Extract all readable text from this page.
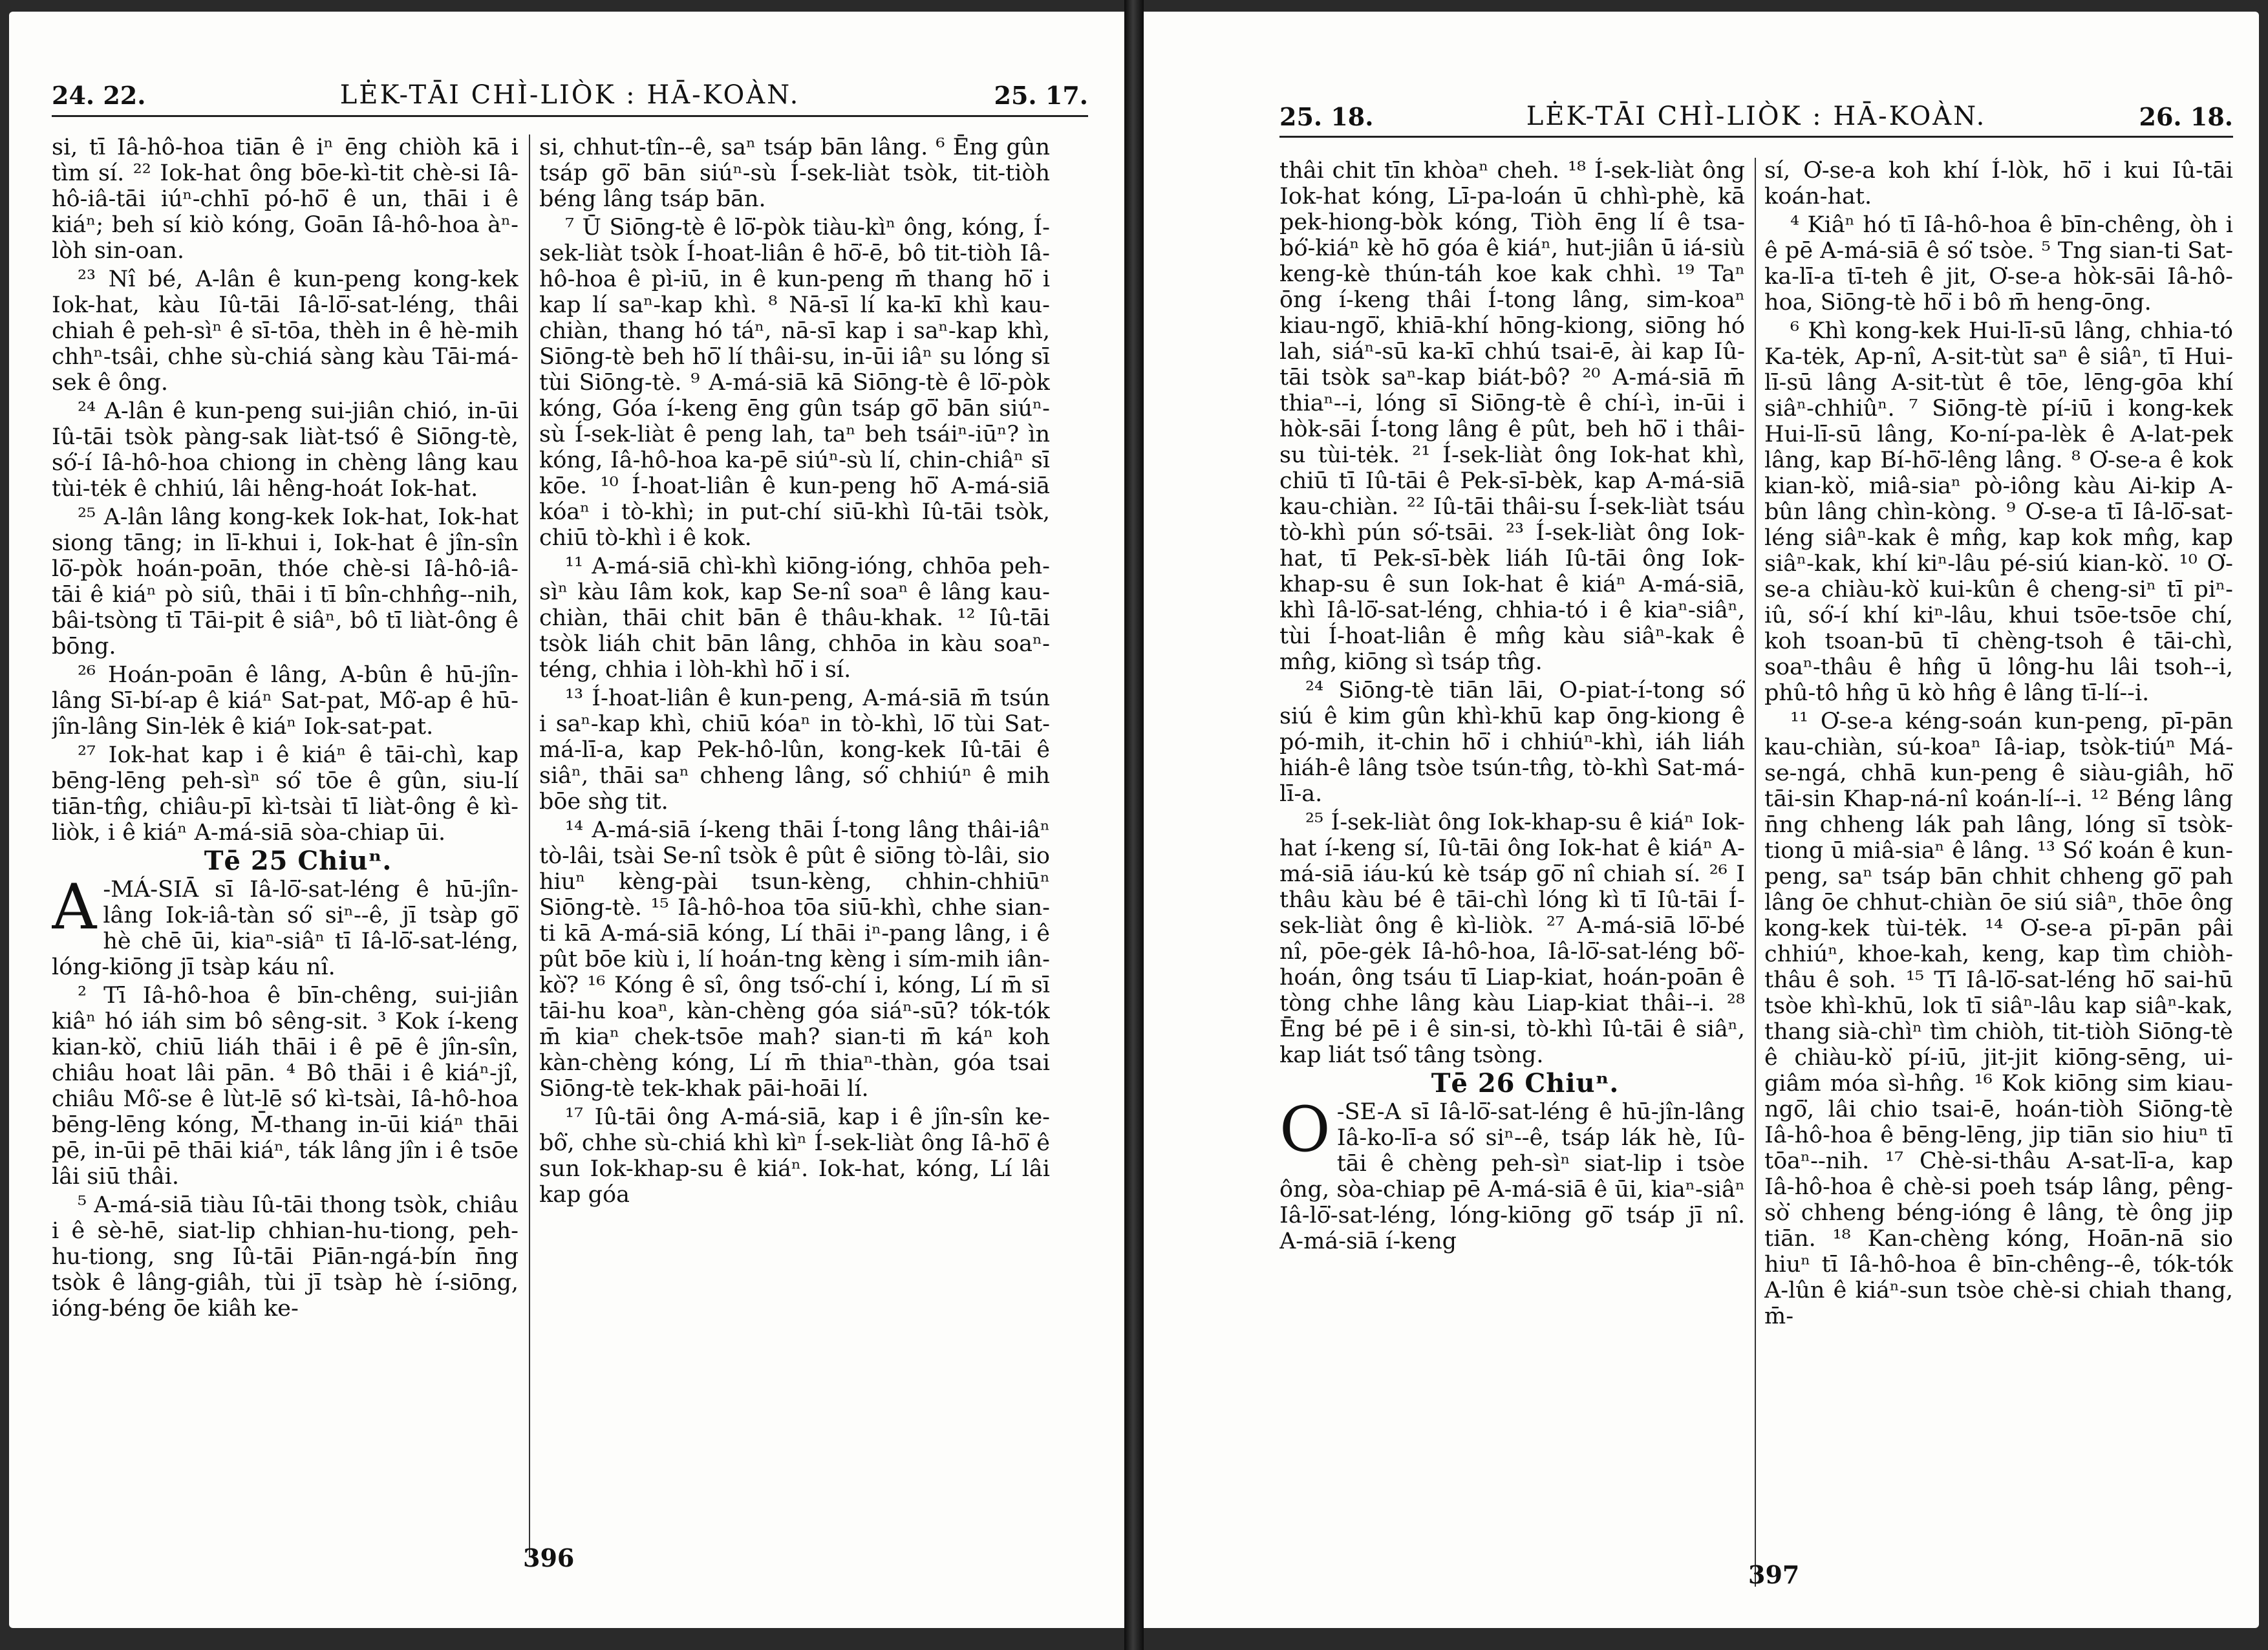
24. 22.	LĖK-TĀI CHÌ-LIÒK : HĀ-KOÀN.	25. 17.

si, tī Iâ-hô-hoa tiān ê iⁿ ēng chiòh kā i tìm sí. ²² Iok-hat ông bōe-kì-tit chè-si Iâ-hô-iâ-tāi iúⁿ-chhī pó-hō͘ ê un, thāi i ê kiáⁿ; beh sí kiò kóng, Goān Iâ-hô-hoa àⁿ-lòh sin-oan.

²³ Nî bé, A-lân ê kun-peng kong-kek Iok-hat, kàu Iû-tāi Iâ-lō͘-sat-léng, thâi chiah ê peh-sìⁿ ê sī-tōa, thèh in ê hè-mih chhⁿ-tsâi, chhe sù-chiá sàng kàu Tāi-má-sek ê ông.

²⁴ A-lân ê kun-peng sui-jiân chió, in-ūi Iû-tāi tsòk pàng-sak liàt-tsó͘ ê Siōng-tè, só͘-í Iâ-hô-hoa chiong in chèng lâng kau tùi-tėk ê chhiú, lâi hêng-hoát Iok-hat.

²⁵ A-lân lâng kong-kek Iok-hat, Iok-hat siong tāng; in lī-khui i, Iok-hat ê jîn-sîn lō͘-pòk hoán-poān, thóe chè-si Iâ-hô-iâ-tāi ê kiáⁿ pò siû, thāi i tī bîn-chhn̂g--nih, bâi-tsòng tī Tāi-pit ê siâⁿ, bô tī liàt-ông ê bōng.

²⁶ Hoán-poān ê lâng, A-bûn ê hū-jîn-lâng Sī-bí-ap ê kiáⁿ Sat-pat, Mô͘-ap ê hū-jîn-lâng Sin-lėk ê kiáⁿ Iok-sat-pat.

²⁷ Iok-hat kap i ê kiáⁿ ê tāi-chì, kap bēng-lēng peh-sìⁿ só͘ tōe ê gûn, siu-lí tiān-tn̂g, chiâu-pī kì-tsài tī liàt-ông ê kì-liòk, i ê kiáⁿ A-má-siā sòa-chiap ūi.

Tē 25 Chiuⁿ.

A -MÁ-SIĀ sī Iâ-lō͘-sat-léng ê hū-jîn-lâng Iok-iâ-tàn só͘ siⁿ--ê, jī tsàp gō͘ hè chē ūi, kiaⁿ-siâⁿ tī Iâ-lō͘-sat-léng, lóng-kiōng jī tsàp káu nî.

² Tī Iâ-hô-hoa ê bīn-chêng, sui-jiân kiâⁿ hó iáh sim bô sêng-sit. ³ Kok í-keng kian-kò͘, chiū liáh thāi i ê pē ê jîn-sîn, chiâu hoat lâi pān. ⁴ Bô thāi i ê kiáⁿ-jî, chiâu Mô͘-se ê lùt-lē só͘ kì-tsài, Iâ-hô-hoa bēng-lēng kóng, M̄-thang in-ūi kiáⁿ thāi pē, in-ūi pē thāi kiáⁿ, ták lâng jîn i ê tsōe lâi siū thâi.

⁵ A-má-siā tiàu Iû-tāi thong tsòk, chiâu i ê sè-hē, siat-lip chhian-hu-tiong, peh-hu-tiong, sng Iû-tāi Piān-ngá-bín n̄ng tsòk ê lâng-giâh, tùi jī tsàp hè í-siōng, ióng-béng ōe kiâh ke-

si, chhut-tîn--ê, saⁿ tsáp bān lâng. ⁶ Ēng gûn tsáp gō͘ bān siúⁿ-sù Í-sek-liàt tsòk, tit-tiòh béng lâng tsáp bān.

⁷ Ū Siōng-tè ê lō͘-pòk tiàu-kìⁿ ông, kóng, Í-sek-liàt tsòk Í-hoat-liân ê hō͘-ē, bô tit-tiòh Iâ-hô-hoa ê pì-iū, in ê kun-peng m̄ thang hō͘ i kap lí saⁿ-kap khì. ⁸ Nā-sī lí ka-kī khì kau-chiàn, thang hó táⁿ, nā-sī kap i saⁿ-kap khì, Siōng-tè beh hō͘ lí thâi-su, in-ūi iâⁿ su lóng sī tùi Siōng-tè. ⁹ A-má-siā kā Siōng-tè ê lō͘-pòk kóng, Góa í-keng ēng gûn tsáp gō͘ bān siúⁿ-sù Í-sek-liàt ê peng lah, taⁿ beh tsáiⁿ-iūⁿ? ìn kóng, Iâ-hô-hoa ka-pē siúⁿ-sù lí, chin-chiâⁿ sī kōe. ¹⁰ Í-hoat-liân ê kun-peng hō͘ A-má-siā kóaⁿ i tò-khì; in put-chí siū-khì Iû-tāi tsòk, chiū tò-khì i ê kok.

¹¹ A-má-siā chì-khì kiōng-ióng, chhōa peh-sìⁿ kàu Iâm kok, kap Se-nî soaⁿ ê lâng kau-chiàn, thāi chit bān ê thâu-khak. ¹² Iû-tāi tsòk liáh chit bān lâng, chhōa in kàu soaⁿ-téng, chhia i lòh-khì hō͘ i sí.

¹³ Í-hoat-liân ê kun-peng, A-má-siā m̄ tsún i saⁿ-kap khì, chiū kóaⁿ in tò-khì, lō͘ tùi Sat-má-lī-a, kap Pek-hô-lûn, kong-kek Iû-tāi ê siâⁿ, thāi saⁿ chheng lâng, só͘ chhiúⁿ ê mih bōe sǹg tit.

¹⁴ A-má-siā í-keng thāi Í-tong lâng thâi-iâⁿ tò-lâi, tsài Se-nî tsòk ê pût ê siōng tò-lâi, sio hiuⁿ kèng-pài tsun-kèng, chhin-chhiūⁿ Siōng-tè. ¹⁵ Iâ-hô-hoa tōa siū-khì, chhe sian-ti kā A-má-siā kóng, Lí thāi iⁿ-pang lâng, i ê pût bōe kiù i, lí hoán-tng kèng i sím-mih iân-kò͘? ¹⁶ Kóng ê sî, ông tsó͘-chí i, kóng, Lí m̄ sī tāi-hu koaⁿ, kàn-chèng góa siáⁿ-sū? tók-tók m̄ kiaⁿ chek-tsōe mah? sian-ti m̄ káⁿ koh kàn-chèng kóng, Lí m̄ thiaⁿ-thàn, góa tsai Siōng-tè tek-khak pāi-hoāi lí.

¹⁷ Iû-tāi ông A-má-siā, kap i ê jîn-sîn ke-bô͘, chhe sù-chiá khì kìⁿ Í-sek-liàt ông Iâ-hō͘ ê sun Iok-khap-su ê kiáⁿ. Iok-hat, kóng, Lí lâi kap góa

396
25. 18.	LĖK-TĀI CHÌ-LIÒK : HĀ-KOÀN.	26. 18.

thâi chit tīn khòaⁿ cheh. ¹⁸ Í-sek-liàt ông Iok-hat kóng, Lī-pa-loán ū chhì-phè, kā pek-hiong-bòk kóng, Tiòh ēng lí ê tsa-bó͘-kiáⁿ kè hō góa ê kiáⁿ, hut-jiân ū iá-siù keng-kè thún-táh koe kak chhì. ¹⁹ Taⁿ ōng í-keng thâi Í-tong lâng, sim-koaⁿ kiau-ngō͘, khiā-khí hōng-kiong, siōng hó lah, siáⁿ-sū ka-kī chhú tsai-ē, ài kap Iû-tāi tsòk saⁿ-kap biát-bô? ²⁰ A-má-siā m̄ thiaⁿ--i, lóng sī Siōng-tè ê chí-ì, in-ūi i hòk-sāi Í-tong lâng ê pût, beh hō͘ i thâi-su tùi-tėk. ²¹ Í-sek-liàt ông Iok-hat khì, chiū tī Iû-tāi ê Pek-sī-bèk, kap A-má-siā kau-chiàn. ²² Iû-tāi thâi-su Í-sek-liàt tsáu tò-khì pún só͘-tsāi. ²³ Í-sek-liàt ông Iok-hat, tī Pek-sī-bèk liáh Iû-tāi ông Iok-khap-su ê sun Iok-hat ê kiáⁿ A-má-siā, khì Iâ-lō͘-sat-léng, chhia-tó i ê kiaⁿ-siâⁿ, tùi Í-hoat-liân ê mn̂g kàu siâⁿ-kak ê mn̂g, kiōng sì tsáp tn̂g.

²⁴ Siōng-tè tiān lāi, O-piat-í-tong só͘ siú ê kim gûn khì-khū kap ōng-kiong ê pó-mih, it-chin hō͘ i chhiúⁿ-khì, iáh liáh hiáh-ê lâng tsòe tsún-tn̂g, tò-khì Sat-má-lī-a.

²⁵ Í-sek-liàt ông Iok-khap-su ê kiáⁿ Iok-hat í-keng sí, Iû-tāi ông Iok-hat ê kiáⁿ A-má-siā iáu-kú kè tsáp gō͘ nî chiah sí. ²⁶ I thâu kàu bé ê tāi-chì lóng kì tī Iû-tāi Í-sek-liàt ông ê kì-liòk. ²⁷ A-má-siā lō͘-bé nî, pōe-gėk Iâ-hô-hoa, Iâ-lō͘-sat-léng bô͘-hoán, ông tsáu tī Liap-kiat, hoán-poān ê tòng chhe lâng kàu Liap-kiat thâi--i. ²⁸ Ēng bé pē i ê sin-si, tò-khì Iû-tāi ê siâⁿ, kap liát tsó͘ tâng tsòng.

Tē 26 Chiuⁿ.

O -SE-A sī Iâ-lō͘-sat-léng ê hū-jîn-lâng Iâ-ko-lī-a só͘ siⁿ--ê, tsáp lák hè, Iû-tāi ê chèng peh-sìⁿ siat-lip i tsòe ông, sòa-chiap pē A-má-siā ê ūi, kiaⁿ-siâⁿ Iâ-lō͘-sat-léng, lóng-kiōng gō͘ tsáp jī nî. A-má-siā í-keng

sí, O͘-se-a koh khí Í-lòk, hō͘ i kui Iû-tāi koán-hat.

⁴ Kiâⁿ hó tī Iâ-hô-hoa ê bīn-chêng, òh i ê pē A-má-siā ê só͘ tsòe. ⁵ Tng sian-ti Sat-ka-lī-a tī-teh ê jit, O͘-se-a hòk-sāi Iâ-hô-hoa, Siōng-tè hō͘ i bô m̄ heng-ōng.

⁶ Khì kong-kek Hui-lī-sū lâng, chhia-tó Ka-tėk, Ap-nî, A-sit-tùt saⁿ ê siâⁿ, tī Hui-lī-sū lâng A-sit-tùt ê tōe, lēng-gōa khí siâⁿ-chhiûⁿ. ⁷ Siōng-tè pí-iū i kong-kek Hui-lī-sū lâng, Ko-ní-pa-lèk ê A-lat-pek lâng, kap Bí-hō͘-lêng lâng. ⁸ O͘-se-a ê kok kian-kò͘, miâ-siaⁿ pò-iông kàu Ai-kip A-bûn lâng chìn-kòng. ⁹ O͘-se-a tī Iâ-lō͘-sat-léng siâⁿ-kak ê mn̂g, kap kok mn̂g, kap siâⁿ-kak, khí kiⁿ-lâu pé-siú kian-kò͘. ¹⁰ O͘-se-a chiàu-kò͘ kui-kûn ê cheng-siⁿ tī piⁿ-iû, só͘-í khí kiⁿ-lâu, khui tsōe-tsōe chí, koh tsoan-bū tī chèng-tsoh ê tāi-chì, soaⁿ-thâu ê hn̂g ū lông-hu lâi tsoh--i, phû-tô hn̂g ū kò hn̂g ê lâng tī-lí--i.

¹¹ O͘-se-a kéng-soán kun-peng, pī-pān kau-chiàn, sú-koaⁿ Iâ-iap, tsòk-tiúⁿ Má-se-ngá, chhā kun-peng ê siàu-giâh, hō͘ tāi-sin Khap-ná-nî koán-lí--i. ¹² Béng lâng n̄ng chheng lák pah lâng, lóng sī tsòk-tiong ū miâ-siaⁿ ê lâng. ¹³ Só͘ koán ê kun-peng, saⁿ tsáp bān chhit chheng gō͘ pah lâng ōe chhut-chiàn ōe siú siâⁿ, thōe ông kong-kek tùi-tėk. ¹⁴ O͘-se-a pī-pān pâi chhiúⁿ, khoe-kah, keng, kap tìm chiòh-thâu ê soh. ¹⁵ Tī Iâ-lō͘-sat-léng hō͘ sai-hū tsòe khì-khū, lok tī siâⁿ-lâu kap siâⁿ-kak, thang sià-chìⁿ tìm chiòh, tit-tiòh Siōng-tè ê chiàu-kò͘ pí-iū, jit-jit kiōng-sēng, ui-giâm móa sì-hn̂g. ¹⁶ Kok kiōng sim kiau-ngō͘, lâi chio tsai-ē, hoán-tiòh Siōng-tè Iâ-hô-hoa ê bēng-lēng, jip tiān sio hiuⁿ tī tōaⁿ--nih. ¹⁷ Chè-si-thâu A-sat-lī-a, kap Iâ-hô-hoa ê chè-si poeh tsáp lâng, pêng-sò͘ chheng béng-ióng ê lâng, tè ông jip tiān. ¹⁸ Kan-chèng kóng, Hoān-nā sio hiuⁿ tī Iâ-hô-hoa ê bīn-chêng--ê, tók-tók A-lûn ê kiáⁿ-sun tsòe chè-si chiah thang, m̄-

397
